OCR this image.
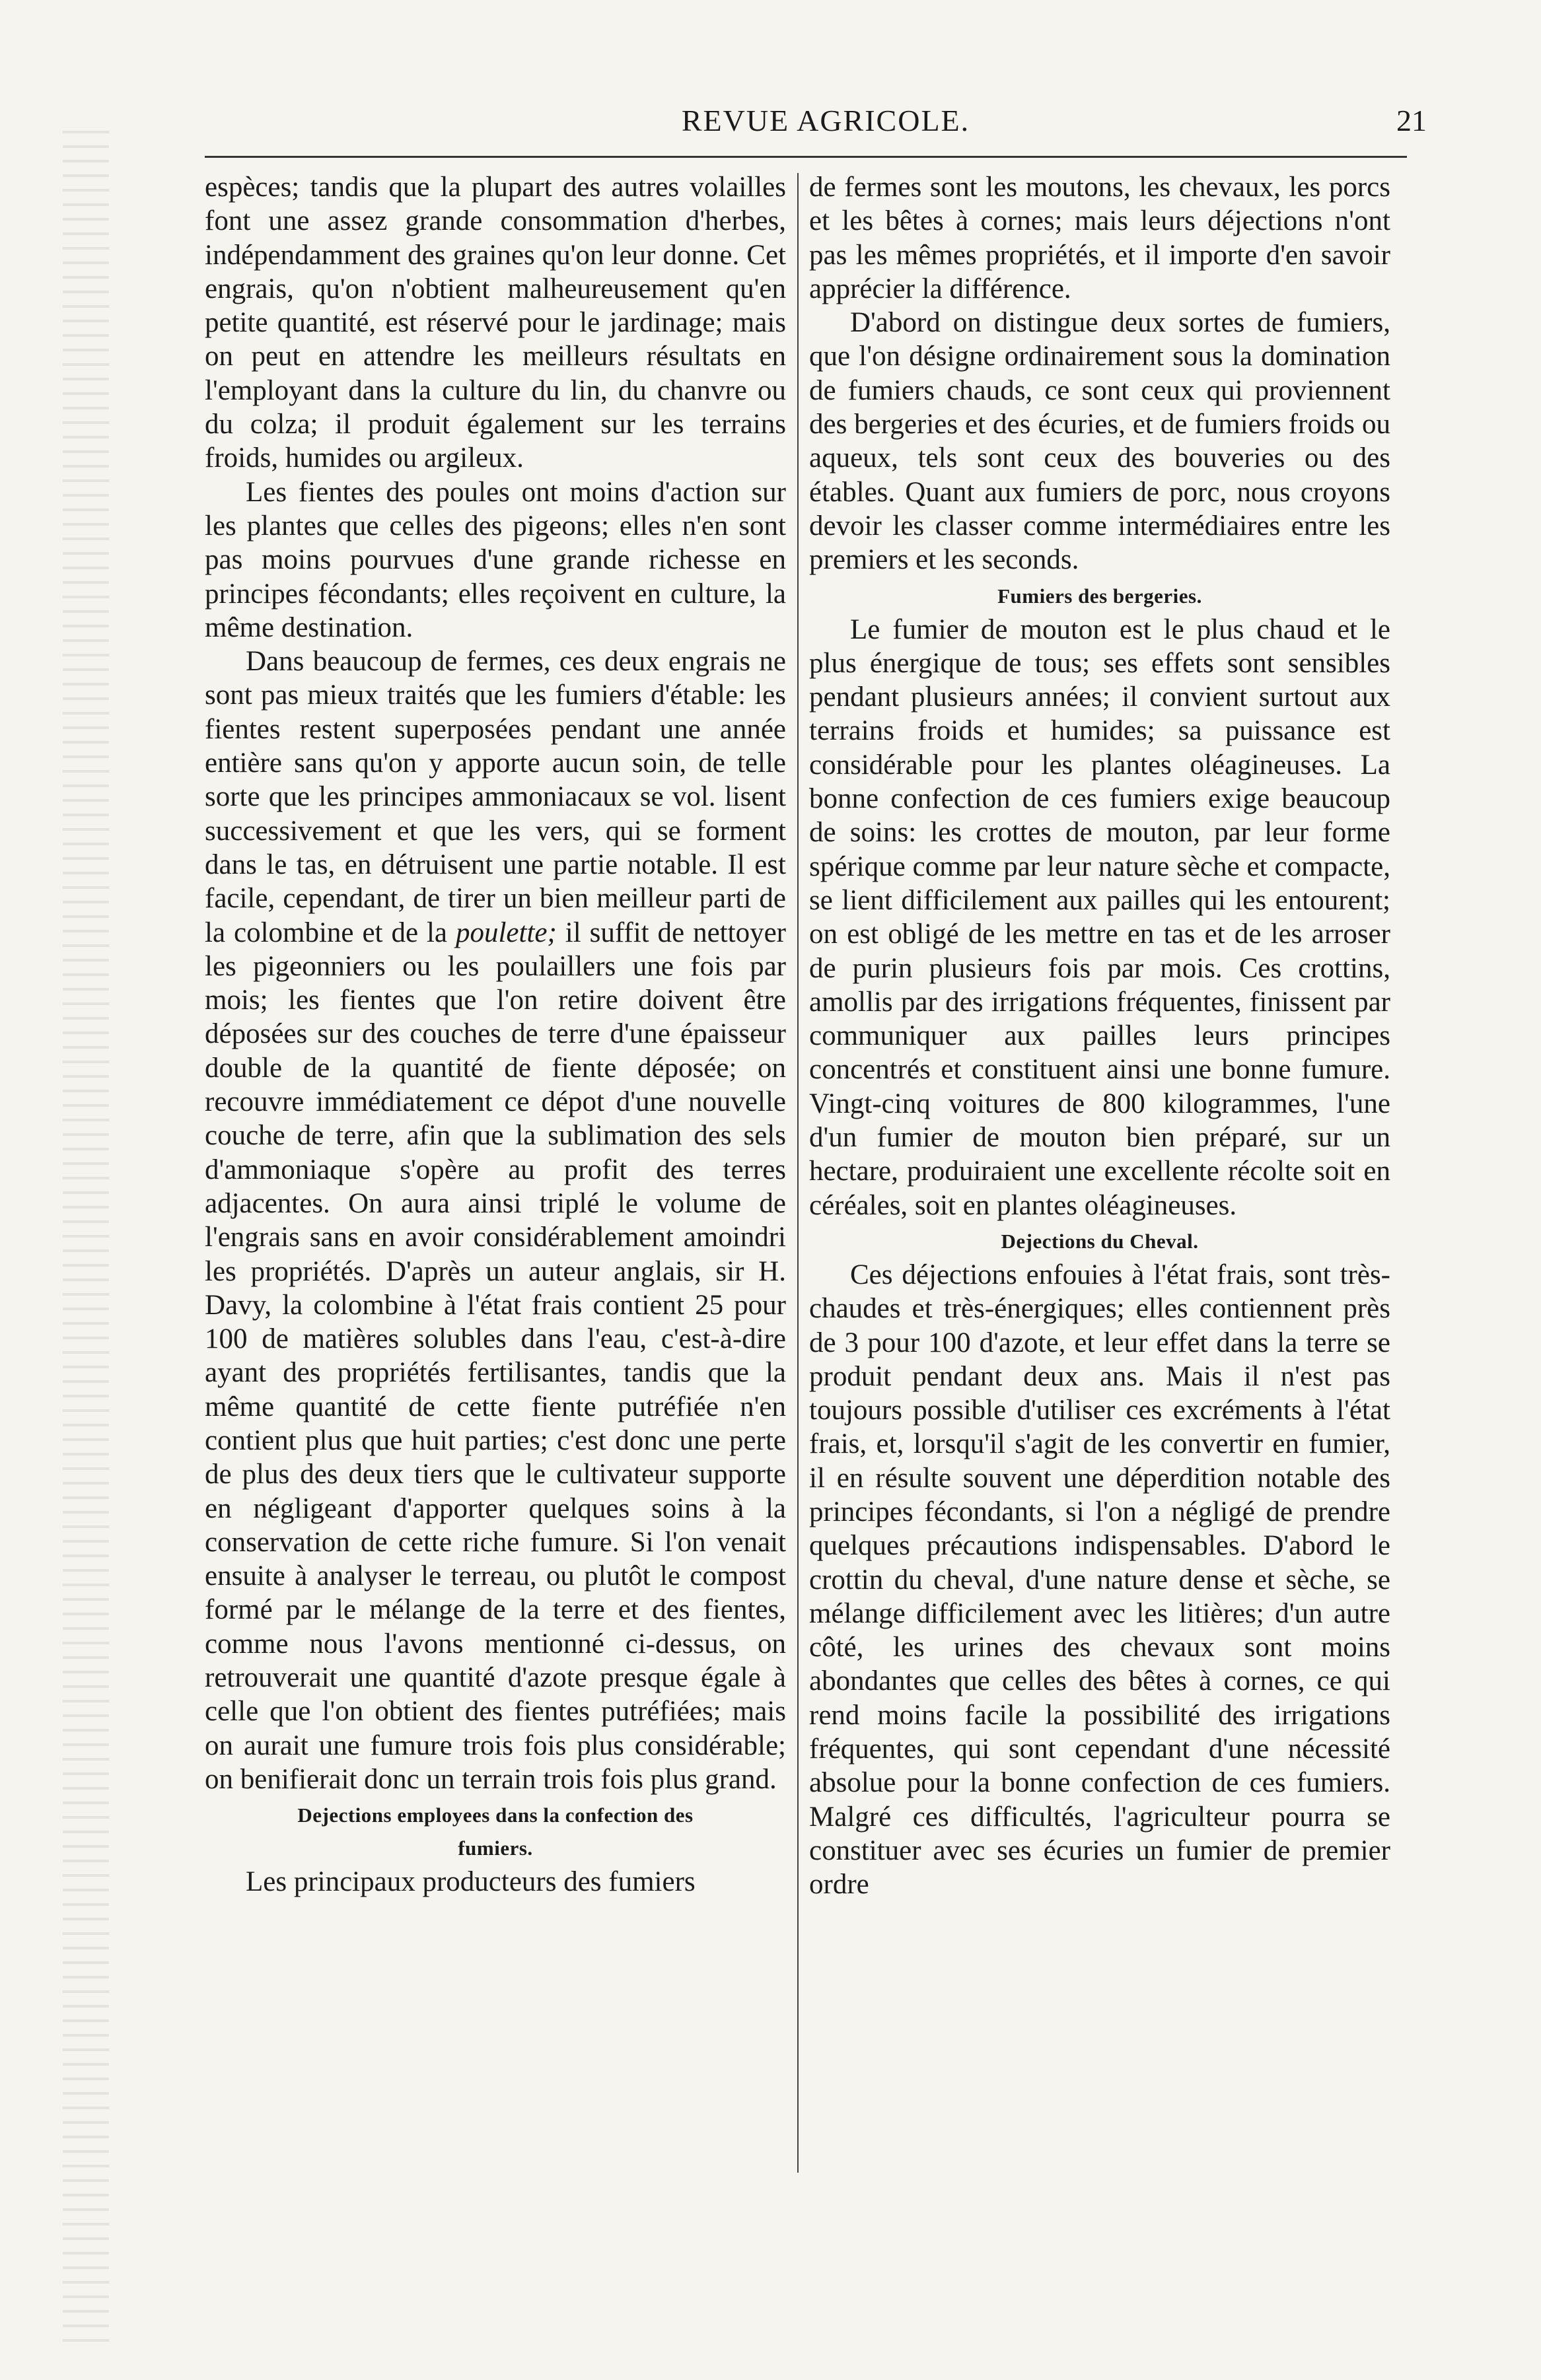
REVUE AGRICOLE.	21

espèces; tandis que la plupart des autres volailles font une assez grande consommation d'herbes, indépendamment des graines qu'on leur donne. Cet engrais, qu'on n'obtient malheureusement qu'en petite quantité, est réservé pour le jardinage; mais on peut en attendre les meilleurs résultats en l'employant dans la culture du lin, du chanvre ou du colza; il produit également sur les terrains froids, humides ou argileux.

Les fientes des poules ont moins d'action sur les plantes que celles des pigeons; elles n'en sont pas moins pourvues d'une grande richesse en principes fécondants; elles reçoivent en culture, la même destination.

Dans beaucoup de fermes, ces deux engrais ne sont pas mieux traités que les fumiers d'étable: les fientes restent superposées pendant une année entière sans qu'on y apporte aucun soin, de telle sorte que les principes ammoniacaux se vol. lisent successivement et que les vers, qui se forment dans le tas, en détruisent une partie notable. Il est facile, cependant, de tirer un bien meilleur parti de la colombine et de la poulette; il suffit de nettoyer les pigeonniers ou les poulaillers une fois par mois; les fientes que l'on retire doivent être déposées sur des couches de terre d'une épaisseur double de la quantité de fiente déposée; on recouvre immédiatement ce dépot d'une nouvelle couche de terre, afin que la sublimation des sels d'ammoniaque s'opère au profit des terres adjacentes. On aura ainsi triplé le volume de l'engrais sans en avoir considérablement amoindri les propriétés. D'après un auteur anglais, sir H. Davy, la colombine à l'état frais contient 25 pour 100 de matières solubles dans l'eau, c'est-à-dire ayant des propriétés fertilisantes, tandis que la même quantité de cette fiente putréfiée n'en contient plus que huit parties; c'est donc une perte de plus des deux tiers que le cultivateur supporte en négligeant d'apporter quelques soins à la conservation de cette riche fumure. Si l'on venait ensuite à analyser le terreau, ou plutôt le compost formé par le mélange de la terre et des fientes, comme nous l'avons mentionné ci-dessus, on retrouverait une quantité d'azote presque égale à celle que l'on obtient des fientes putréfiées; mais on aurait une fumure trois fois plus considérable; on benifierait donc un terrain trois fois plus grand.

Dejections employees dans la confection des
fumiers.

Les principaux producteurs des fumiers

de fermes sont les moutons, les chevaux, les porcs et les bêtes à cornes; mais leurs déjections n'ont pas les mêmes propriétés, et il importe d'en savoir apprécier la différence.

D'abord on distingue deux sortes de fumiers, que l'on désigne ordinairement sous la domination de fumiers chauds, ce sont ceux qui proviennent des bergeries et des écuries, et de fumiers froids ou aqueux, tels sont ceux des bouveries ou des étables. Quant aux fumiers de porc, nous croyons devoir les classer comme intermédiaires entre les premiers et les seconds.

Fumiers des bergeries.

Le fumier de mouton est le plus chaud et le plus énergique de tous; ses effets sont sensibles pendant plusieurs années; il convient surtout aux terrains froids et humides; sa puissance est considérable pour les plantes oléagineuses. La bonne confection de ces fumiers exige beaucoup de soins: les crottes de mouton, par leur forme spérique comme par leur nature sèche et compacte, se lient difficilement aux pailles qui les entourent; on est obligé de les mettre en tas et de les arroser de purin plusieurs fois par mois. Ces crottins, amollis par des irrigations fréquentes, finissent par communiquer aux pailles leurs principes concentrés et constituent ainsi une bonne fumure. Vingt-cinq voitures de 800 kilogrammes, l'une d'un fumier de mouton bien préparé, sur un hectare, produiraient une excellente récolte soit en céréales, soit en plantes oléagineuses.

Dejections du Cheval.

Ces déjections enfouies à l'état frais, sont très-chaudes et très-énergiques; elles contiennent près de 3 pour 100 d'azote, et leur effet dans la terre se produit pendant deux ans. Mais il n'est pas toujours possible d'utiliser ces excréments à l'état frais, et, lorsqu'il s'agit de les convertir en fumier, il en résulte souvent une déperdition notable des principes fécondants, si l'on a négligé de prendre quelques précautions indispensables. D'abord le crottin du cheval, d'une nature dense et sèche, se mélange difficilement avec les litières; d'un autre côté, les urines des chevaux sont moins abondantes que celles des bêtes à cornes, ce qui rend moins facile la possibilité des irrigations fréquentes, qui sont cependant d'une nécessité absolue pour la bonne confection de ces fumiers. Malgré ces difficultés, l'agriculteur pourra se constituer avec ses écuries un fumier de premier ordre
